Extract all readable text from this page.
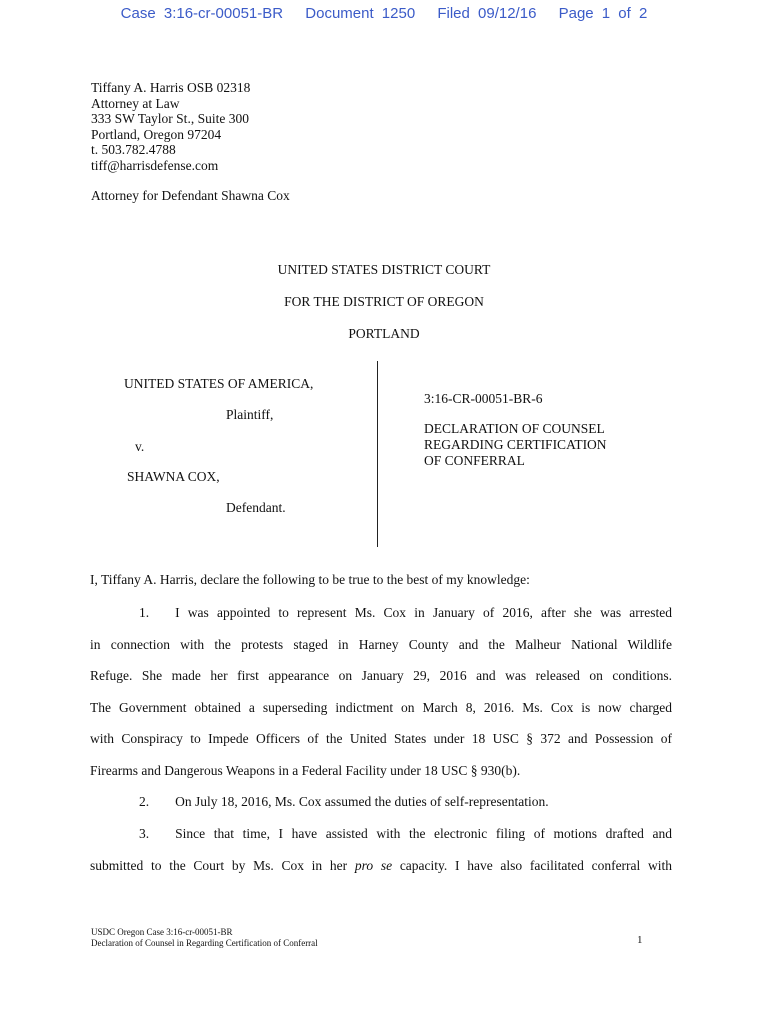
Case 3:16-cr-00051-BR Document 1250 Filed 09/12/16 Page 1 of 2
Tiffany A. Harris OSB 02318
Attorney at Law
333 SW Taylor St., Suite 300
Portland, Oregon 97204
t. 503.782.4788
tiff@harrisdefense.com
Attorney for Defendant Shawna Cox
UNITED STATES DISTRICT COURT
FOR THE DISTRICT OF OREGON
PORTLAND
UNITED STATES OF AMERICA,
Plaintiff,
v.
SHAWNA COX,
Defendant.
3:16-CR-00051-BR-6
DECLARATION OF COUNSEL
REGARDING CERTIFICATION
OF CONFERRAL
I, Tiffany A. Harris, declare the following to be true to the best of my knowledge:
1. I was appointed to represent Ms. Cox in January of 2016, after she was arrested
in connection with the protests staged in Harney County and the Malheur National Wildlife
Refuge. She made her first appearance on January 29, 2016 and was released on conditions.
The Government obtained a superseding indictment on March 8, 2016. Ms. Cox is now charged
with Conspiracy to Impede Officers of the United States under 18 USC § 372 and Possession of
Firearms and Dangerous Weapons in a Federal Facility under 18 USC § 930(b).
2. On July 18, 2016, Ms. Cox assumed the duties of self-representation.
3. Since that time, I have assisted with the electronic filing of motions drafted and
submitted to the Court by Ms. Cox in her pro se capacity. I have also facilitated conferral with
USDC Oregon Case 3:16-cr-00051-BR
Declaration of Counsel in Regarding Certification of Conferral	1
